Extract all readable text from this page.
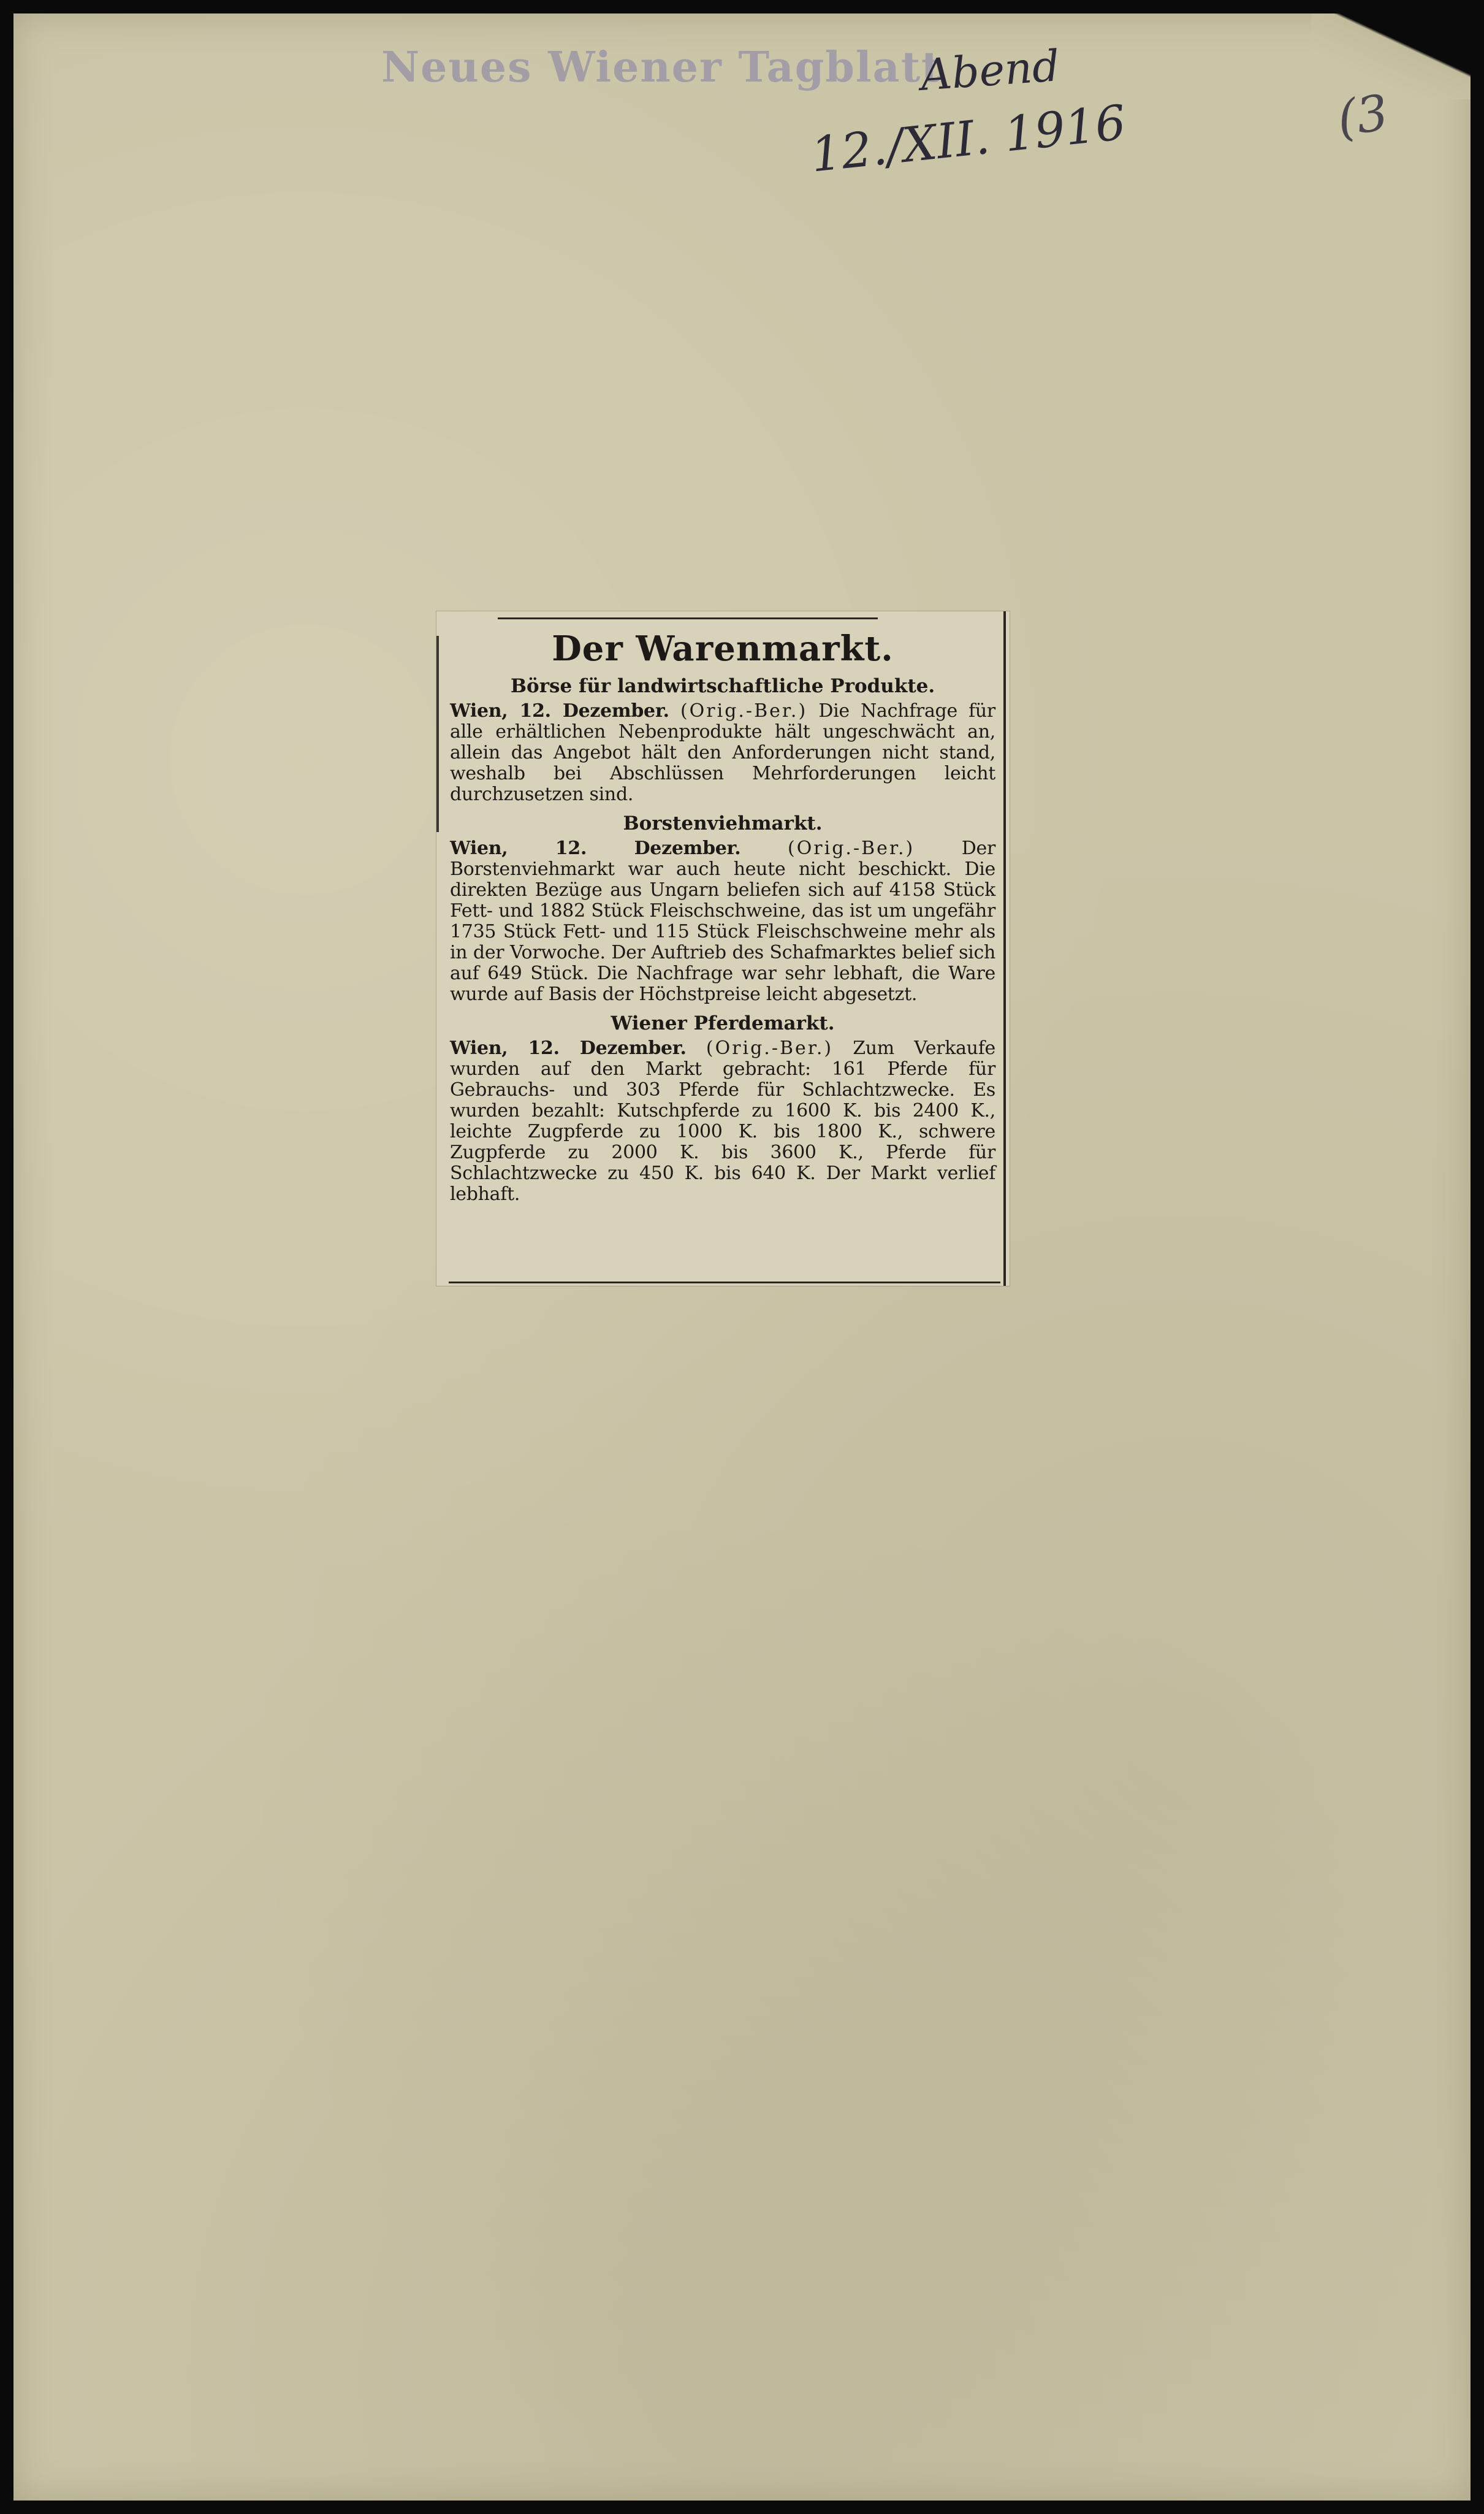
Neues Wiener Tagblatt
Abend
12./XII. 1916	(3
Der Warenmarkt.
Börse für landwirtschaftliche Produkte.

Wien, 12. Dezember. (Orig.-Ber.) Die Nachfrage für alle erhältlichen Nebenprodukte hält ungeschwächt an, allein das Angebot hält den Anforderungen nicht stand, weshalb bei Abschlüssen Mehrforderungen leicht durchzusetzen sind.

Borstenviehmarkt.

Wien, 12. Dezember.	(Orig.-Ber.)	Der Borstenviehmarkt war auch heute nicht beschickt. Die direkten Bezüge aus Ungarn beliefen sich auf 4158 Stück Fett- und 1882 Stück Fleischschweine, das ist um ungefähr 1735 Stück Fett- und 115 Stück Fleischschweine mehr als in der Vorwoche. Der Auftrieb des Schafmarktes belief sich auf 649 Stück. Die Nachfrage war sehr lebhaft, die Ware wurde auf Basis der Höchstpreise leicht abgesetzt.

Wiener Pferdemarkt.

Wien, 12. Dezember. (Orig.-Ber.) Zum Verkaufe wurden auf den Markt gebracht: 161 Pferde für Gebrauchs- und 303 Pferde für Schlachtzwecke. Es wurden bezahlt: Kutschpferde zu 1600 K. bis 2400 K., leichte Zugpferde zu 1000 K. bis 1800 K., schwere Zugpferde zu 2000 K. bis 3600 K., Pferde für Schlachtzwecke zu 450 K. bis 640 K. Der Markt verlief lebhaft.
